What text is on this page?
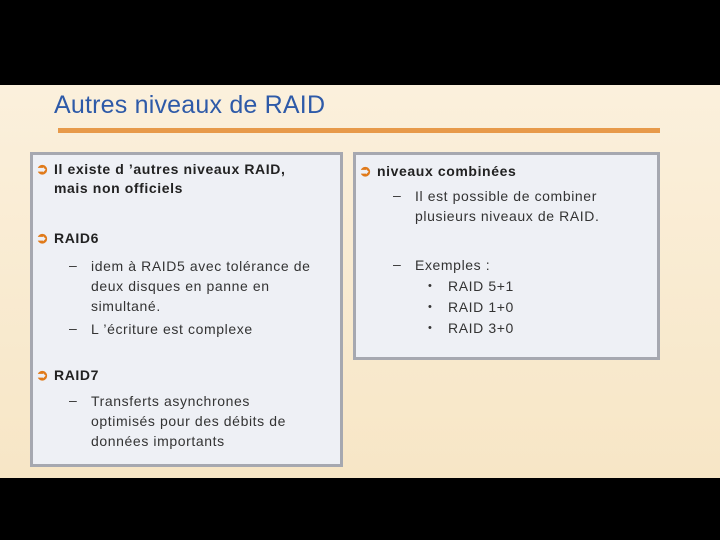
Autres niveaux de RAID
➲ Il existe d ’autres niveaux RAID,
mais non officiels
➲ RAID6
–	idem à RAID5 avec tolérance de
deux disques en panne en
simultané.
–	L ’écriture est complexe
➲ RAID7
–	Transferts asynchrones
optimisés pour des débits de
données importants
➲ niveaux combinées
–	Il est possible de combiner
plusieurs niveaux de RAID.
–	Exemples :
•	RAID 5+1
•	RAID 1+0
•	RAID 3+0
